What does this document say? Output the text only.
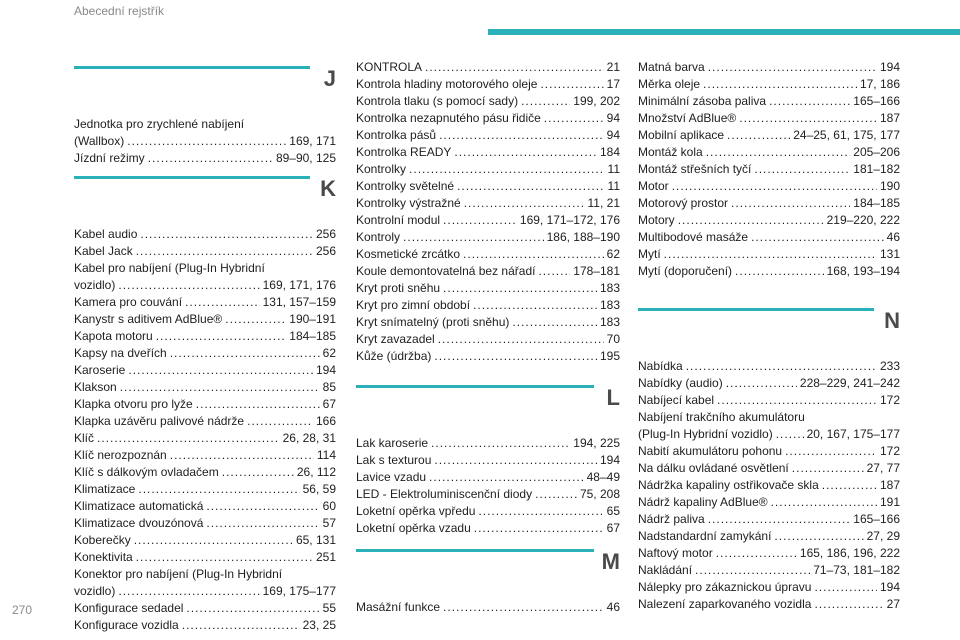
Abecední rejstřík
270
J
Jednotka pro zrychlené nabíjení
(Wallbox) .....	169, 171
Jízdní režimy .....	89–90, 125
K
Kabel audio .....	256
Kabel Jack .....	256
Kabel pro nabíjení (Plug-In Hybridní
vozidlo) .....	169, 171, 176
Kamera pro couvání .....	131, 157–159
Kanystr s aditivem AdBlue® .....	190–191
Kapota motoru .....	184–185
Kapsy na dveřích .....	62
Karoserie .....	194
Klakson .....	85
Klapka otvoru pro lyže .....	67
Klapka uzávěru palivové nádrže .....	166
Klíč .....	26, 28, 31
Klíč nerozpoznán .....	114
Klíč s dálkovým ovladačem .....	26, 112
Klimatizace .....	56, 59
Klimatizace automatická .....	60
Klimatizace dvouzónová .....	57
Koberečky .....	65, 131
Konektivita .....	251
Konektor pro nabíjení (Plug-In Hybridní
vozidlo) .....	169, 175–177
Konfigurace sedadel .....	55
Konfigurace vozidla .....	23, 25
KONTROLA .....	21
Kontrola hladiny motorového oleje .....	17
Kontrola tlaku (s pomocí sady) .....	199, 202
Kontrolka nezapnutého pásu řidiče .....	94
Kontrolka pásů .....	94
Kontrolka READY .....	184
Kontrolky .....	11
Kontrolky světelné .....	11
Kontrolky výstražné .....	11, 21
Kontrolní modul .....	169, 171–172, 176
Kontroly .....	186, 188–190
Kosmetické zrcátko .....	62
Koule demontovatelná bez nářadí .....	178–181
Kryt proti sněhu .....	183
Kryt pro zimní období .....	183
Kryt snímatelný (proti sněhu) .....	183
Kryt zavazadel .....	70
Kůže (údržba) .....	195
L
Lak karoserie .....	194, 225
Lak s texturou .....	194
Lavice vzadu .....	48–49
LED - Elektroluminiscenční diody .....	75, 208
Loketní opěrka vpředu .....	65
Loketní opěrka vzadu .....	67
M
Masážní funkce .....	46
Matná barva .....	194
Měrka oleje .....	17, 186
Minimální zásoba paliva .....	165–166
Množství AdBlue® .....	187
Mobilní aplikace .....	24–25, 61, 175, 177
Montáž kola .....	205–206
Montáž střešních tyčí .....	181–182
Motor .....	190
Motorový prostor .....	184–185
Motory .....	219–220, 222
Multibodové masáže .....	46
Mytí .....	131
Mytí (doporučení) .....	168, 193–194
N
Nabídka .....	233
Nabídky (audio) .....	228–229, 241–242
Nabíjecí kabel .....	172
Nabíjení trakčního akumulátoru
(Plug-In Hybridní vozidlo) .....	20, 167, 175–177
Nabití akumulátoru pohonu .....	172
Na dálku ovládané osvětlení .....	27, 77
Nádržka kapaliny ostřikovače skla .....	187
Nádrž kapaliny AdBlue® .....	191
Nádrž paliva .....	165–166
Nadstandardní zamykání .....	27, 29
Naftový motor .....	165, 186, 196, 222
Nakládání .....	71–73, 181–182
Nálepky pro zákaznickou úpravu .....	194
Nalezení zaparkovaného vozidla .....	27
